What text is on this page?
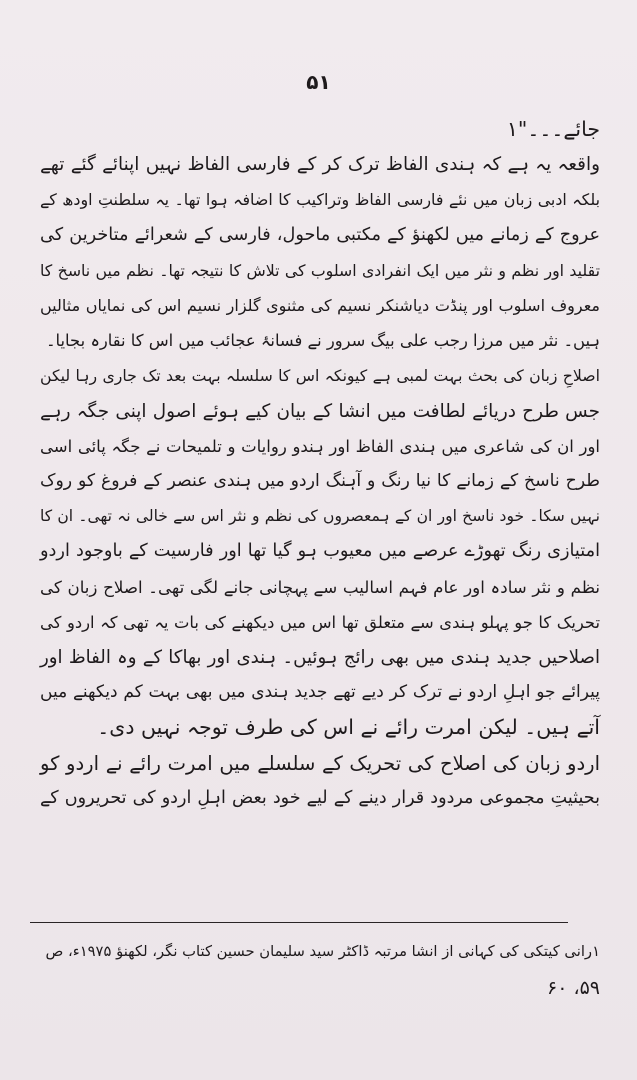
۵۱
جائے۔۔۔"۱
واقعہ یہ ہے کہ ہندی الفاظ ترک کر کے فارسی الفاظ نہیں اپنائے گئے تھے
بلکہ ادبی زبان میں نئے فارسی الفاظ وتراکیب کا اضافہ ہوا تھا۔ یہ سلطنتِ اودھ کے
عروج کے زمانے میں لکھنؤ کے مکتبی ماحول، فارسی کے شعرائے متاخرین کی
تقلید اور نظم و نثر میں ایک انفرادی اسلوب کی تلاش کا نتیجہ تھا۔ نظم میں ناسخ کا
معروف اسلوب اور پنڈت دیاشنکر نسیم کی مثنوی گلزار نسیم اس کی نمایاں مثالیں
ہیں۔ نثر میں مرزا رجب علی بیگ سرور نے فسانۂ عجائب میں اس کا نقارہ بجایا۔
اصلاحِ زبان کی بحث بہت لمبی ہے کیونکہ اس کا سلسلہ بہت بعد تک جاری رہا لیکن
جس طرح دریائے لطافت میں انشا کے بیان کیے ہوئے اصول اپنی جگہ رہے
اور ان کی شاعری میں ہندی الفاظ اور ہندو روایات و تلمیحات نے جگہ پائی اسی
طرح ناسخ کے زمانے کا نیا رنگ و آہنگ اردو میں ہندی عنصر کے فروغ کو روک
نہیں سکا۔ خود ناسخ اور ان کے ہمعصروں کی نظم و نثر اس سے خالی نہ تھی۔ ان کا
امتیازی رنگ تھوڑے عرصے میں معیوب ہو گیا تھا اور فارسیت کے باوجود اردو
نظم و نثر سادہ اور عام فہم اسالیب سے پہچانی جانے لگی تھی۔ اصلاح زبان کی
تحریک کا جو پہلو ہندی سے متعلق تھا اس میں دیکھنے کی بات یہ تھی کہ اردو کی
اصلاحیں جدید ہندی میں بھی رائج ہوئیں۔ ہندی اور بھاکا کے وہ الفاظ اور
پیرائے جو اہلِ اردو نے ترک کر دیے تھے جدید ہندی میں بھی بہت کم دیکھنے میں
آتے ہیں۔ لیکن امرت رائے نے اس کی طرف توجہ نہیں دی۔
اردو زبان کی اصلاح کی تحریک کے سلسلے میں امرت رائے نے اردو کو
بحیثیتِ مجموعی مردود قرار دینے کے لیے خود بعض اہلِ اردو کی تحریروں کے
۱رانی کیتکی کی کہانی از انشا مرتبہ ڈاکٹر سید سلیمان حسین کتاب نگر، لکھنؤ ۱۹۷۵ء، ص
۵۹، ۶۰
